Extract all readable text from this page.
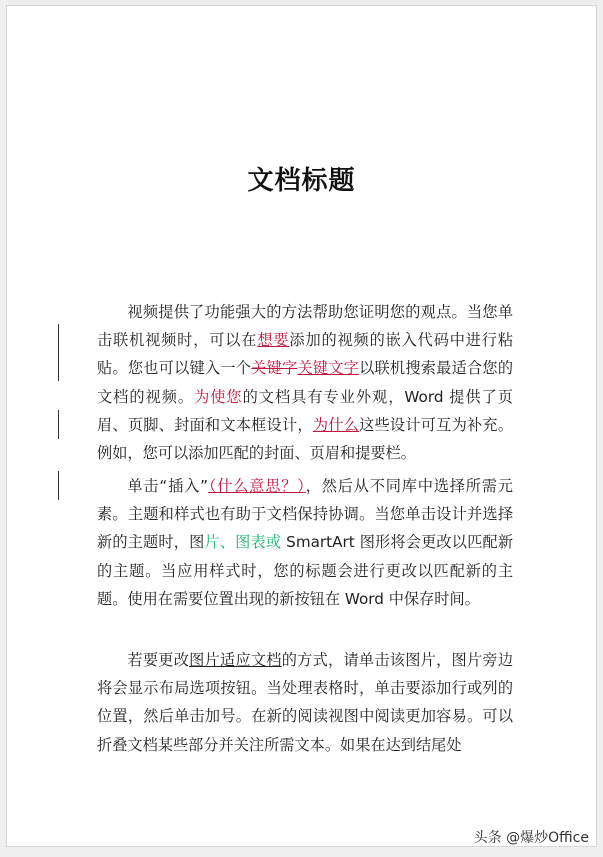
文档标题

视频提供了功能强大的方法帮助您证明您的观点。当您单击联机视频时，可以在想要添加的视频的嵌入代码中进行粘贴。您也可以键入一个关键字关键文字以联机搜索最适合您的文档的视频。为使您的文档具有专业外观，Word 提供了页眉、页脚、封面和文本框设计，为什么这些设计可互为补充。例如，您可以添加匹配的封面、页眉和提要栏。

单击“插入”（什么意思？），然后从不同库中选择所需元素。主题和样式也有助于文档保持协调。当您单击设计并选择新的主题时，图片、图表或 SmartArt 图形将会更改以匹配新的主题。当应用样式时，您的标题会进行更改以匹配新的主题。使用在需要位置出现的新按钮在 Word 中保存时间。

若要更改图片适应文档的方式，请单击该图片，图片旁边将会显示布局选项按钮。当处理表格时，单击要添加行或列的位置，然后单击加号。在新的阅读视图中阅读更加容易。可以折叠文档某些部分并关注所需文本。如果在达到结尾处

头条 @爆炒Office
